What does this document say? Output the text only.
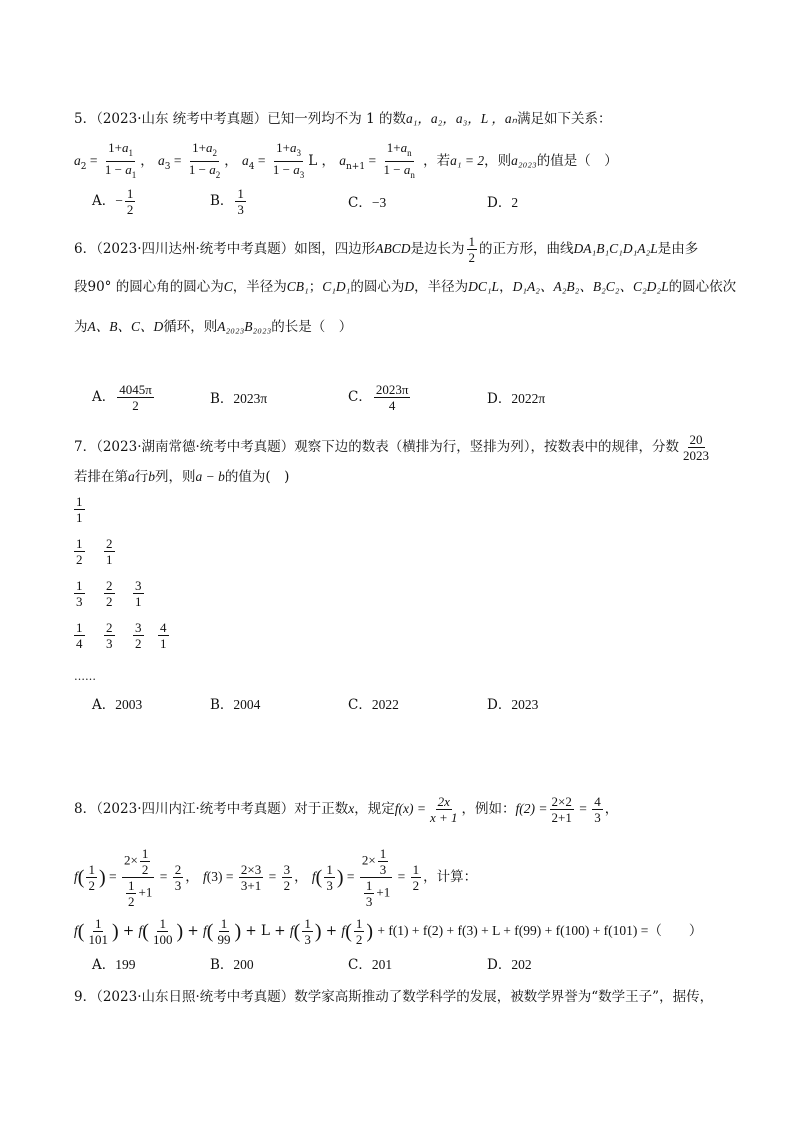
5．（2023·山东 统考中考真题）已知一列均不为 1 的数a₁，a₂，a₃，L ，aₙ满足如下关系：
$a_2 = \frac{1+a_1}{1 - a_1}$ ， $a_3 = \frac{1+a_2}{1 - a_2}$ ， $a_4 = \frac{1+a_3}{1 - a_3}$ L ， $a_{n+1} = \frac{1+a_n}{1 - a_n}$ ，若a₁ = 2，则a₂₀₂₃的值是（　）
A．− $\frac{1}{2}$	B． $\frac{1}{3}$	C．−3	D．2
6．（2023·四川达州·统考中考真题）如图，四边形ABCD是边长为 $\frac{1}{2}$ 的正方形，曲线DA₁B₁C₁D₁A₂L是由多
段90° 的圆心角的圆心为C，半径为CB₁；C₁D₁的圆心为D，半径为DC₁L，D₁A₂、A₂B₂、B₂C₂、C₂D₂L的圆心依次
为A、B、C、D循环，则A₂₀₂₃B₂₀₂₃的长是（　）
A． $\frac{4045\pi}{2}$	B．2023π	C． $\frac{2023\pi}{4}$	D．2022π
7．（2023·湖南常德·统考中考真题）观察下边的数表（横排为行，竖排为列），按数表中的规律，分数 $\frac{20}{2023}$
若排在第a行b列，则a − b的值为(　)
$\frac{1}{1}$
$\frac{1}{2} \frac{2}{1}$
$\frac{1}{3} \frac{2}{2} \frac{3}{1}$
$\frac{1}{4} \frac{2}{3} \frac{3}{2} \frac{4}{1}$
……
A．2003	B．2004	C．2022	D．2023
8．（2023·四川内江·统考中考真题）对于正数x，规定$f(x) = \frac{2x}{x + 1}$ ，例如：$f(2) = \frac{2\times 2}{2+1} = \frac{4}{3}$ ，
$f( \frac{1}{2}$ ) = $\frac{2\times \frac{1}{2}}{\frac{1}{2} +1} = \frac{2}{3}$ ， $f(3) = \frac{2\times 3}{3+1} = \frac{3}{2}$ ， $f( \frac{1}{3}$ ) = $\frac{2\times \frac{1}{3}}{\frac{1}{3} +1} = \frac{1}{2}$ ，计算：
$f( \frac{1}{101}$ ) + $f( \frac{1}{100}$ ) + $f( \frac{1}{99}$ ) + $L + f( \frac{1}{3}$ ) + $f( \frac{1}{2}$ ) + f(1) + f(2) + f(3) + L + f(99) + f(100) + f(101) =（　　）
A．199	B．200	C．201	D．202
9．（2023·山东日照·统考中考真题）数学家高斯推动了数学科学的发展，被数学界誉为“数学王子”，据传，
